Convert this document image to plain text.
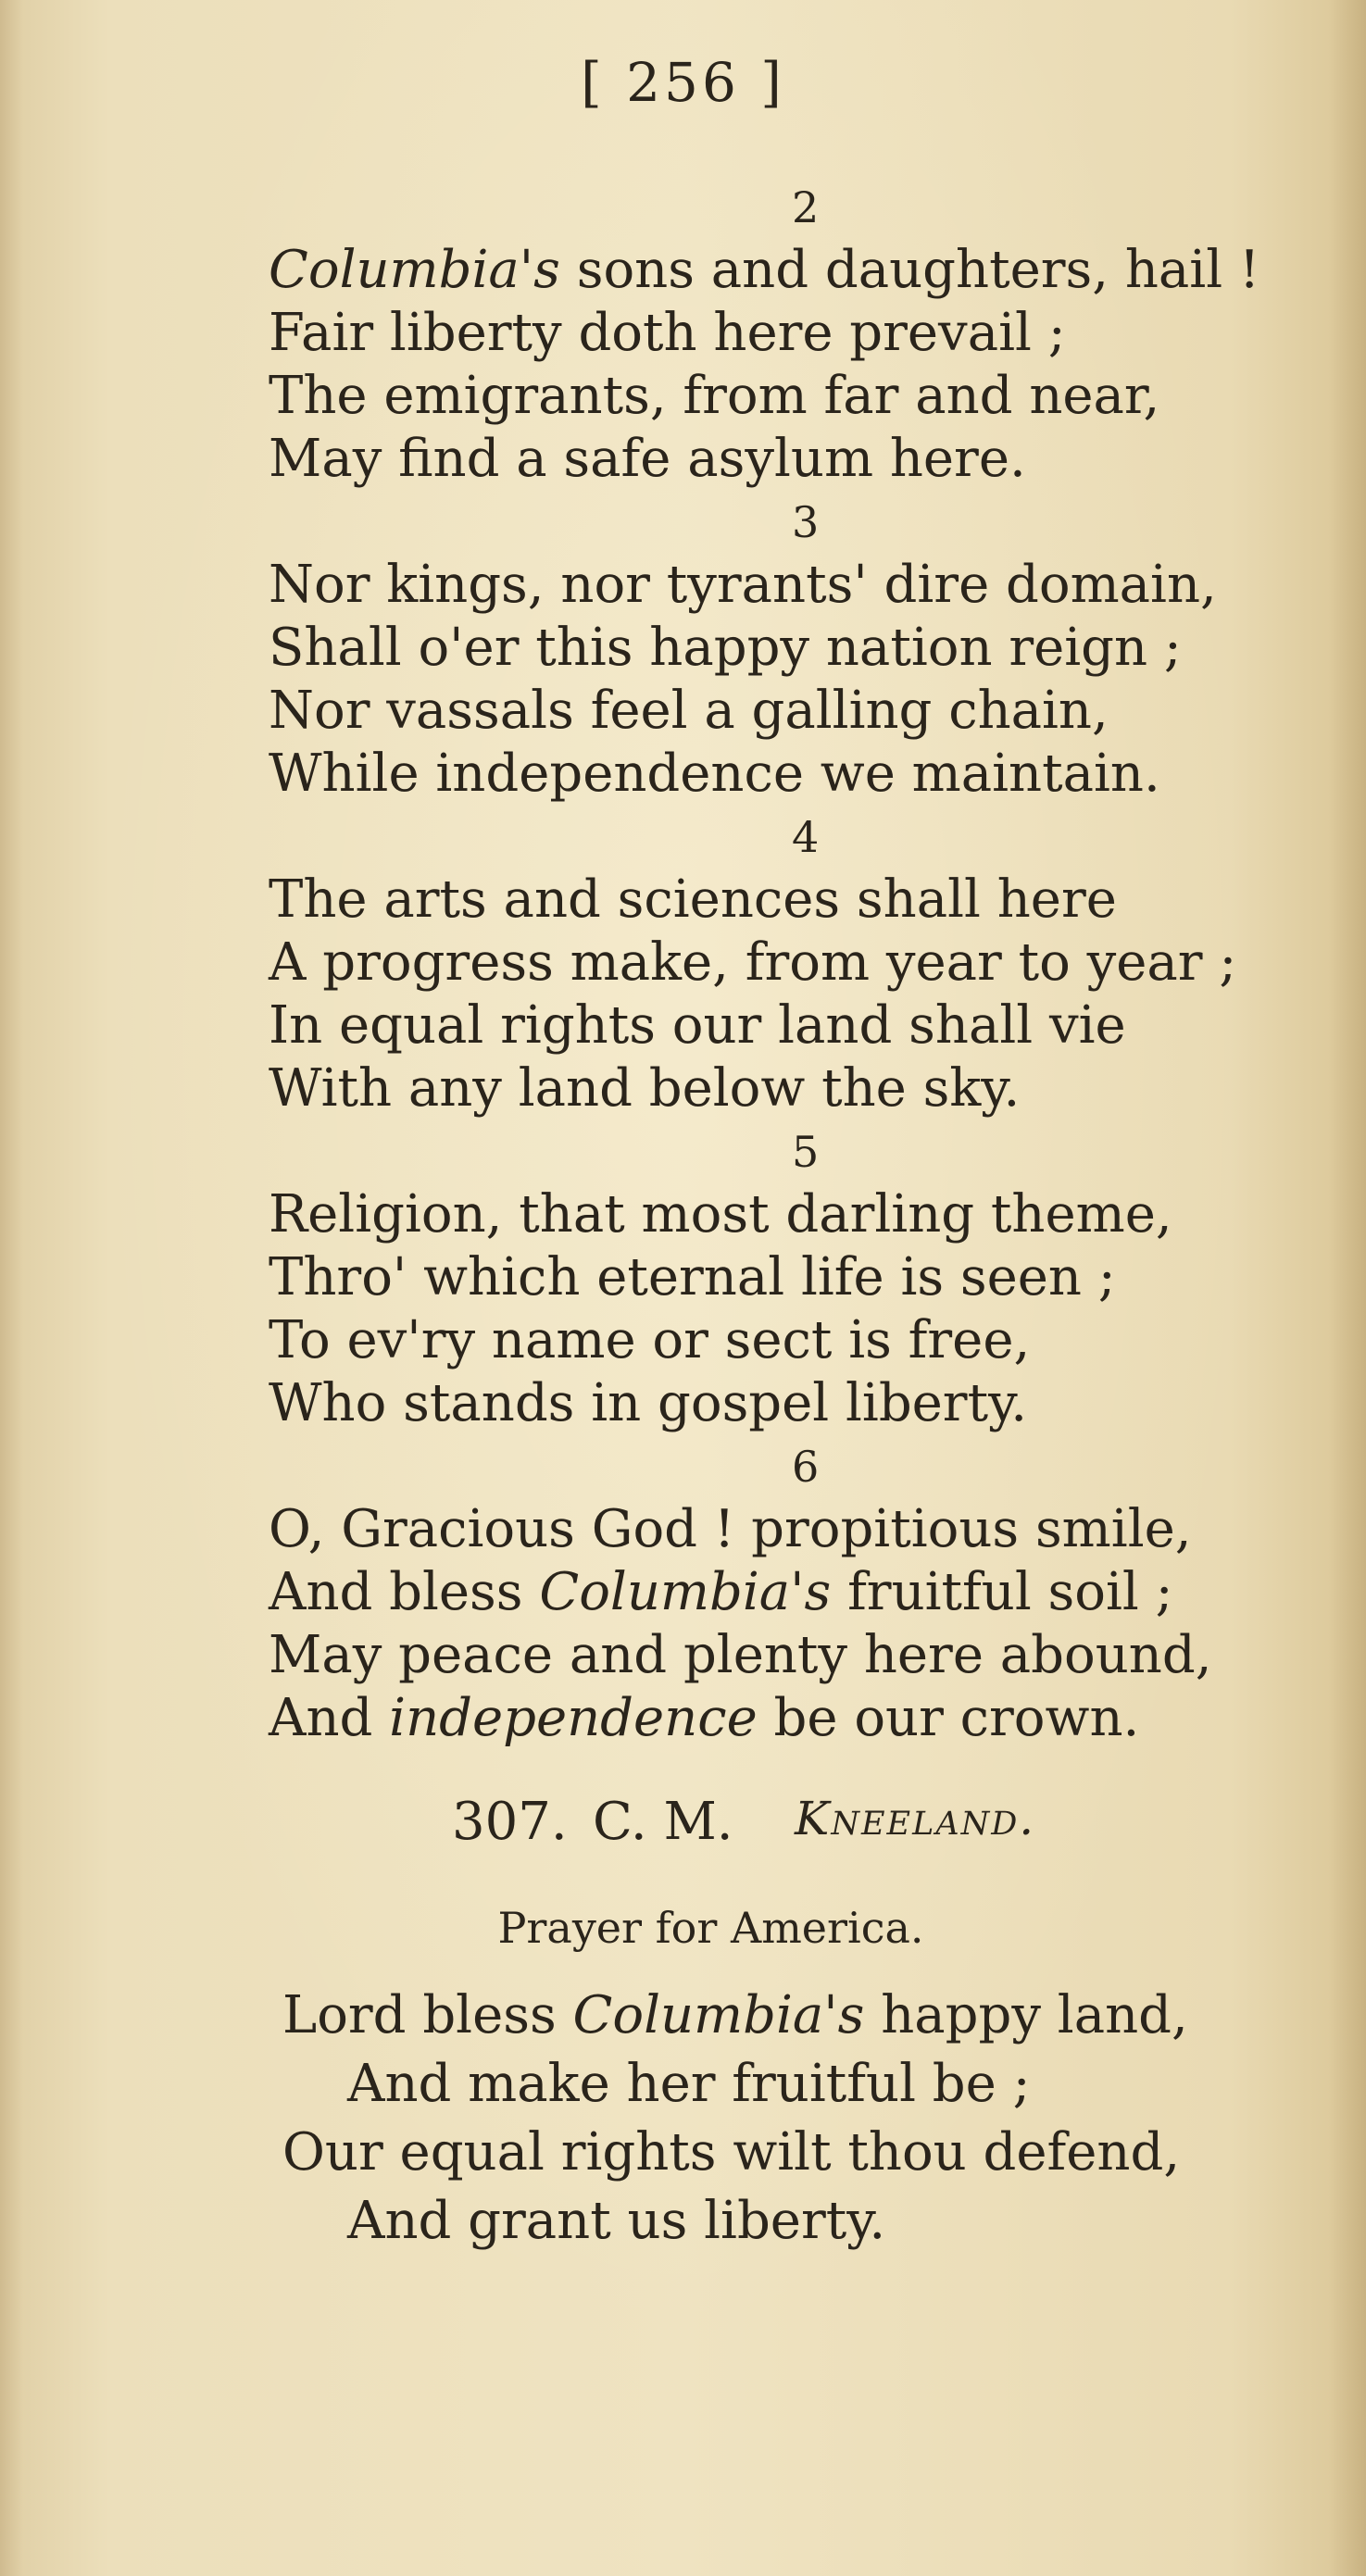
[ 256 ]
2
Columbia's sons and daughters, hail !
Fair liberty doth here prevail ;
The emigrants, from far and near,
May find a safe asylum here.
3
Nor kings, nor tyrants' dire domain,
Shall o'er this happy nation reign ;
Nor vassals feel a galling chain,
While independence we maintain.
4
The arts and sciences shall here
A progress make, from year to year ;
In equal rights our land shall vie
With any land below the sky.
5
Religion, that most darling theme,
Thro' which eternal life is seen ;
To ev'ry name or sect is free,
Who stands in gospel liberty.
6
O, Gracious God ! propitious smile,
And bless Columbia's fruitful soil ;
May peace and plenty here abound,
And independence be our crown.
307. C. M. Kneeland.
Prayer for America.
Lord bless Columbia's happy land,
And make her fruitful be ;
Our equal rights wilt thou defend,
And grant us liberty.
